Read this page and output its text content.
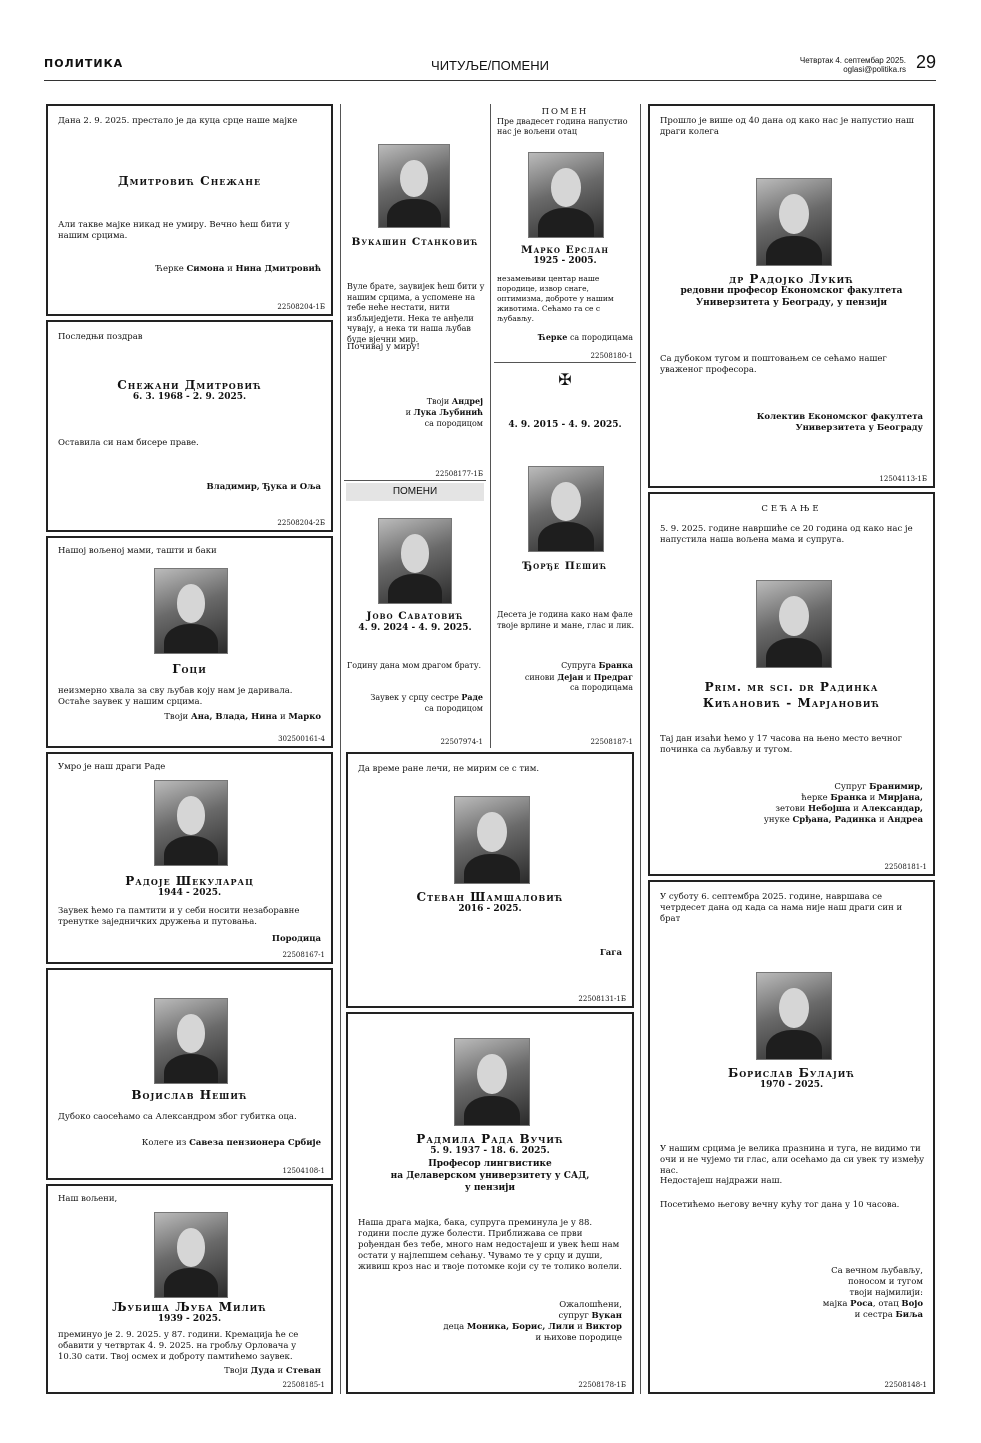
ПОЛИТИКА	ЧИТУЉЕ/ПОМЕНИ	Четвртак 4. септембар 2025.
oglasi@politika.rs 29
Дана 2. 9. 2025. престало је да куца срце наше мајке
Дмитровић Снежане
Али такве мајке никад не умиру. Вечно ћеш бити у нашим срцима.
Ћерке Симона и Нина Дмитровић
22508204-1Б
Последњи поздрав
Снежани Дмитровић
6. 3. 1968 - 2. 9. 2025.
Оставила си нам бисере праве.
Владимир, Ђука и Оља
22508204-2Б
Нашој вољеној мами, ташти и баки
Гоци
неизмерно хвала за сву љубав коју нам је даривала. Остаће заувек у нашим срцима.
Твоји Ана, Влада, Нина и Марко
302500161-4
Умро је наш драги Раде
Радоје Шекуларац
1944 - 2025.
Заувек ћемо га памтити и у себи носити незаборавне тренутке заједничких дружења и путовања.
Породица
22508167-1
Војислав Нешић
Дубоко саосећамо са Александром због губитка оца.
Колеге из Савеза пензионера Србије
12504108-1
Наш вољени,
Љубиша Љуба Милић
1939 - 2025.
преминуо је 2. 9. 2025. у 87. години. Кремација ће се обавити у четвртак 4. 9. 2025. на гробљу Орловача у 10.30 сати. Твој осмех и доброту памтићемо заувек.
Твоји Дуда и Стеван
22508185-1
Вукашин Станковић
Вуле брате, заувијек ћеш бити у нашим срцима, а успомене на тебе неће нестати, нити избљиједјети. Нека те анђели чувају, а нека ти наша љубав буде вјечни мир.
Почивај у миру!
Твоји Андреј
и Лука Љубинић
са породицом
22508177-1Б
ПОМЕНИ
Јово Саватовић
4. 9. 2024 - 4. 9. 2025.
Годину дана мом драгом брату.
Заувек у срцу сестре Раде
са породицом
22507974-1
ПОМЕН
Пре двадесет година напустио нас је вољени отац
Марко Ерслан
1925 - 2005.
незамењиви центар наше породице, извор снаге, оптимизма, доброте у нашим животима. Сећамо га се с љубављу.
Ћерке са породицама
22508180-1
✠
4. 9. 2015 - 4. 9. 2025.
Ђорђе Пешић
Десета је година како нам фале твоје врлине и мане, глас и лик.
Супруга Бранка
синови Дејан и Предраг
са породицама
22508187-1
Да време ране лечи, не мирим се с тим.
Стеван Шамшаловић
2016 - 2025.
Гага
22508131-1Б
Радмила Рада Вучић
5. 9. 1937 - 18. 6. 2025.
Професор лингвистике
на Делаверском универзитету у САД,
у пензији
Наша драга мајка, бака, супруга преминула је у 88. години после дуже болести. Приближава се први рођендан без тебе, много нам недостајеш и увек ћеш нам остати у најлепшем сећању. Чувамо те у срцу и души, живиш кроз нас и твоје потомке који су те толико волели.
Ожалошћени,
супруг Вукан
деца Моника, Борис, Лили и Виктор
и њихове породице
22508178-1Б
Прошло је више од 40 дана од како нас је напустио наш драги колега
др Радојко Лукић
редовни професор Економског факултета
Универзитета у Београду, у пензији
Са дубоком тугом и поштовањем се сећамо нашег уваженог професора.
Колектив Економског факултета
Универзитета у Београду
12504113-1Б
СЕЋАЊЕ
5. 9. 2025. године навршиће се 20 година од како нас је напустила наша вољена мама и супруга.
Prim. mr sci. dr Радинка
Кићановић - Марјановић
Тај дан изаћи ћемо у 17 часова на њено место вечног починка са љубављу и тугом.
Супруг Бранимир,
ћерке Бранка и Мирјана,
зетови Небојша и Александар,
унуке Срђана, Радинка и Андреа
22508181-1
У суботу 6. септембра 2025. године, навршава се четрдесет дана од када са нама није наш драги син и брат
Борислав Булајић
1970 - 2025.
У нашим срцима је велика празнина и туга, не видимо ти очи и не чујемо ти глас, али осећамо да си увек ту између нас.
Недостајеш најдражи наш.
Посетићемо његову вечну кућу тог дана у 10 часова.
Са вечном љубављу,
поносом и тугом
твоји најмилији:
мајка Роса, отац Војо
и сестра Биља
22508148-1
